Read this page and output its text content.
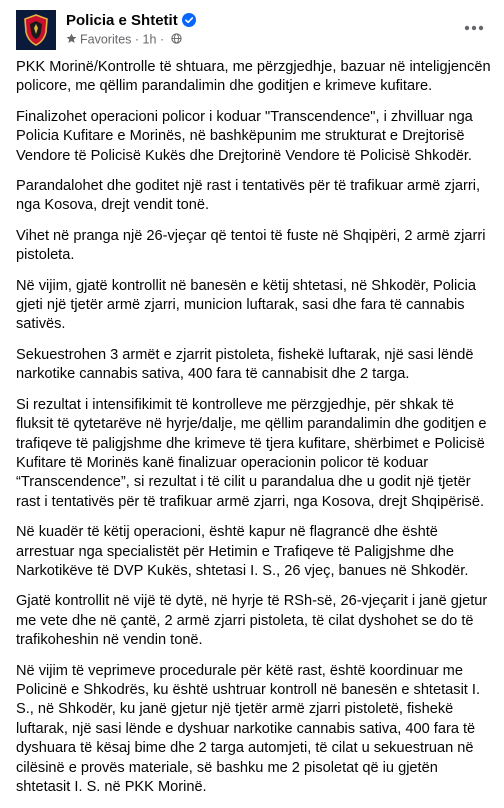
Policia e Shtetit
Favorites · 1h ·

PKK Morinë/Kontrolle të shtuara, me përzgjedhje, bazuar në inteligjencën policore, me qëllim parandalimin dhe goditjen e krimeve kufitare.

Finalizohet operacioni policor i koduar "Transcendence", i zhvilluar nga Policia Kufitare e Morinës, në bashkëpunim me strukturat e Drejtorisë Vendore të Policisë Kukës dhe Drejtorinë Vendore të Policisë Shkodër.

Parandalohet dhe goditet një rast i tentativës për të trafikuar armë zjarri, nga Kosova, drejt vendit tonë.

Vihet në pranga një 26-vjeçar që tentoi të fuste në Shqipëri, 2 armë zjarri pistoleta.

Në vijim, gjatë kontrollit në banesën e këtij shtetasi, në Shkodër, Policia gjeti një tjetër armë zjarri, municion luftarak, sasi dhe fara të cannabis sativës.

Sekuestrohen 3 armët e zjarrit pistoleta, fishekë luftarak, një sasi lëndë narkotike cannabis sativa, 400 fara të cannabisit dhe 2 targa.

Si rezultat i intensifikimit të kontrolleve me përzgjedhje, për shkak të fluksit të qytetarëve në hyrje/dalje, me qëllim parandalimin dhe goditjen e trafiqeve të paligjshme dhe krimeve të tjera kufitare, shërbimet e Policisë Kufitare të Morinës kanë finalizuar operacionin policor të koduar “Transcendence”, si rezultat i të cilit u parandalua dhe u godit një tjetër rast i tentativës për të trafikuar armë zjarri, nga Kosova, drejt Shqipërisë.

Në kuadër të këtij operacioni, është kapur në flagrancë dhe është arrestuar nga specialistët për Hetimin e Trafiqeve të Paligjshme dhe Narkotikëve të DVP Kukës, shtetasi I. S., 26 vjeç, banues në Shkodër.

Gjatë kontrollit në vijë të dytë, në hyrje të RSh-së, 26-vjeçarit i janë gjetur me vete dhe në çantë, 2 armë zjarri pistoleta, të cilat dyshohet se do të trafikoheshin në vendin tonë.

Në vijim të veprimeve procedurale për këtë rast, është koordinuar me Policinë e Shkodrës, ku është ushtruar kontroll në banesën e shtetasit I. S., në Shkodër, ku janë gjetur një tjetër armë zjarri pistoletë, fishekë luftarak, një sasi lënde e dyshuar narkotike cannabis sativa, 400 fara të dyshuara të kësaj bime dhe 2 targa automjeti, të cilat u sekuestruan në cilësinë e provës materiale, së bashku me 2 pisoletat që iu gjetën shtetasit I. S. në PKK Morinë.
